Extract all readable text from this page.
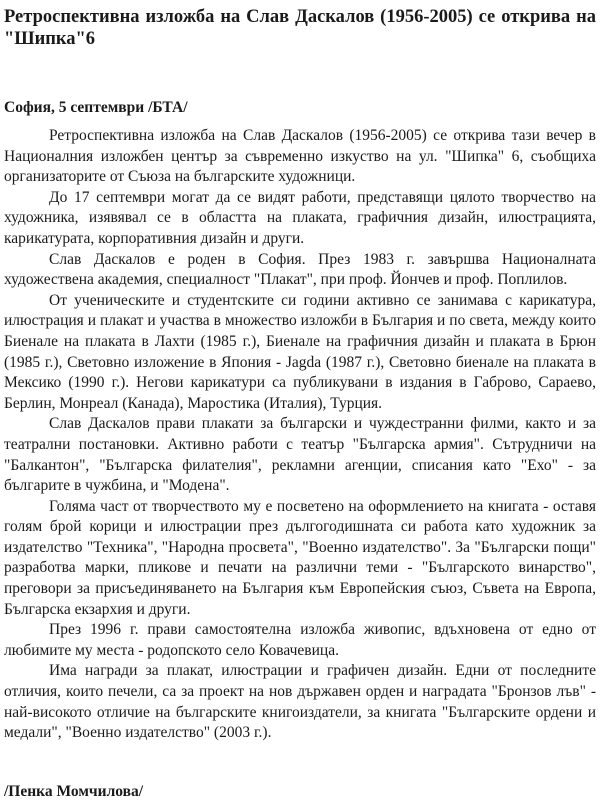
Ретроспективна изложба на Слав Даскалов (1956-2005) се открива на "Шипка"6

София, 5 септември /БТА/

Ретроспективна изложба на Слав Даскалов (1956-2005) се открива тази вечер в Националния изложбен център за съвременно изкуство на ул. "Шипка" 6, съобщиха организаторите от Съюза на българските художници.

До 17 септември могат да се видят работи, представящи цялото творчество на художника, изявявал се в областта на плаката, графичния дизайн, илюстрацията, карикатурата, корпоративния дизайн и други.

Слав Даскалов е роден в София. През 1983 г. завършва Националната художествена академия, специалност "Плакат", при проф. Йончев и проф. Поплилов.

От ученическите и студентските си години активно се занимава с карикатура, илюстрация и плакат и участва в множество изложби в България и по света, между които Биенале на плаката в Лахти (1985 г.), Биенале на графичния дизайн и плаката в Брюн (1985 г.), Световно изложение в Япония - Jagda (1987 г.), Световно биенале на плаката в Мексико (1990 г.). Негови карикатури са публикувани в издания в Габрово, Сараево, Берлин, Монреал (Канада), Маростика (Италия), Турция.

Слав Даскалов прави плакати за български и чуждестранни филми, както и за театрални постановки. Активно работи с театър "Българска армия". Сътрудничи на "Балкантон", "Българска филателия", рекламни агенции, списания като "Ехо" - за българите в чужбина, и "Модена".

Голяма част от творчеството му е посветено на оформлението на книгата - оставя голям брой корици и илюстрации през дългогодишната си работа като художник за издателство "Техника", "Народна просвета", "Военно издателство". За "Български пощи" разработва марки, пликове и печати на различни теми - "Българското винарство", преговори за присъединяването на България към Европейския съюз, Съвета на Европа, Българска екзархия и други.

През 1996 г. прави самостоятелна изложба живопис, вдъхновена от едно от любимите му места - родопското село Ковачевица.

Има награди за плакат, илюстрации и графичен дизайн. Едни от последните отличия, които печели, са за проект на нов държавен орден и наградата "Бронзов лъв" - най-високото отличие на българските книгоиздатели, за книгата "Българските ордени и медали", "Военно издателство" (2003 г.).

/Пенка Момчилова/
